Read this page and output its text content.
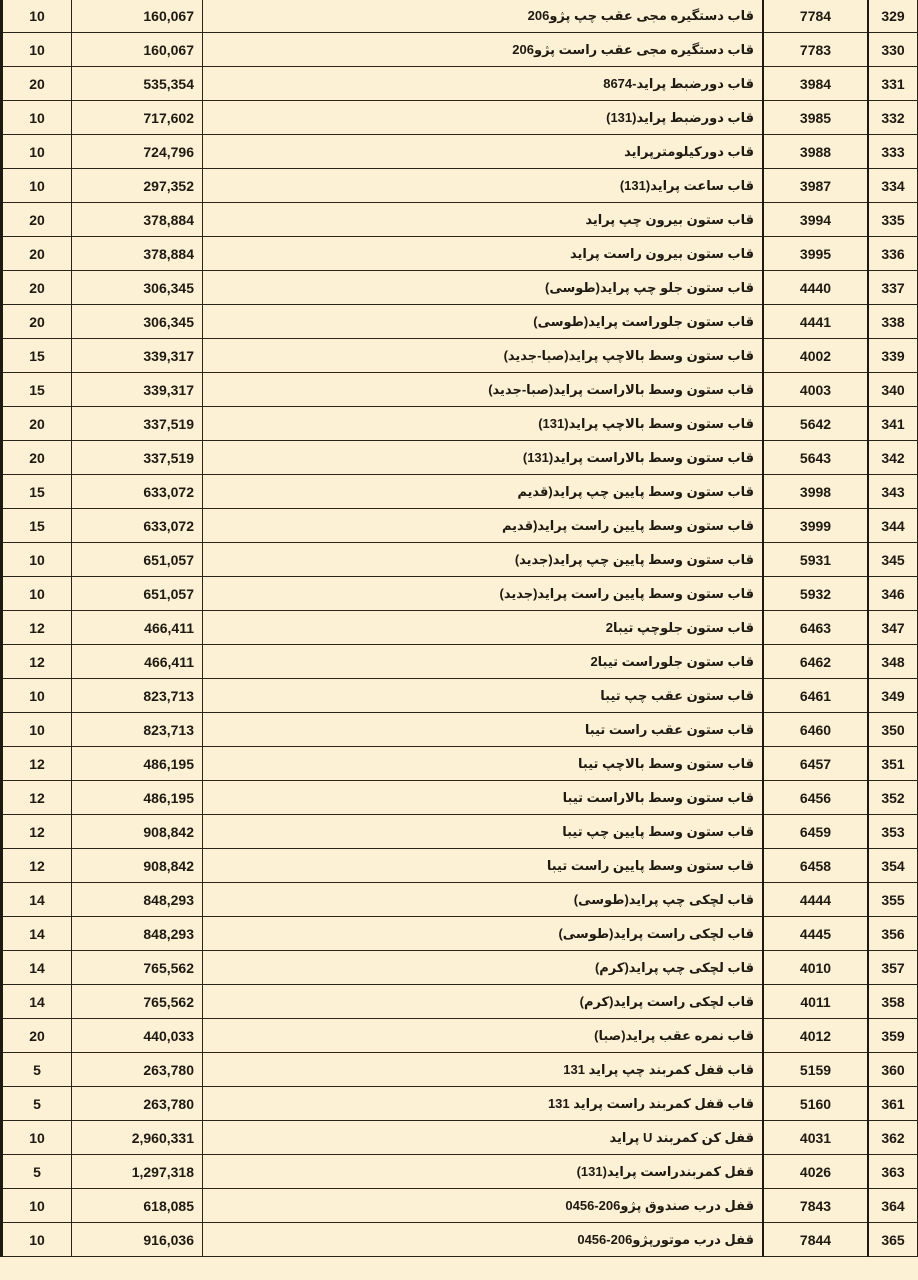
10	160,067	قاب دستگیره مجی عقب چپ پژو206	7784	329
10	160,067	قاب دستگیره مجی عقب راست پژو206	7783	330
20	535,354	قاب دورضبط پراید-8674	3984	331
10	717,602	قاب دورضبط پراید(131)	3985	332
10	724,796	قاب دورکیلومترپراید	3988	333
10	297,352	قاب ساعت پراید(131)	3987	334
20	378,884	قاب ستون بیرون چپ پراید	3994	335
20	378,884	قاب ستون بیرون راست پراید	3995	336
20	306,345	قاب ستون جلو چپ پراید(طوسی)	4440	337
20	306,345	قاب ستون جلوراست پراید(طوسی)	4441	338
15	339,317	قاب ستون وسط بالاچپ پراید(صبا-جدید)	4002	339
15	339,317	قاب ستون وسط بالاراست پراید(صبا-جدید)	4003	340
20	337,519	قاب ستون وسط بالاچپ پراید(131)	5642	341
20	337,519	قاب ستون وسط بالاراست پراید(131)	5643	342
15	633,072	قاب ستون وسط پایین چپ پراید(قدیم	3998	343
15	633,072	قاب ستون وسط پایین راست پراید(قدیم	3999	344
10	651,057	قاب ستون وسط پایین چپ پراید(جدید)	5931	345
10	651,057	قاب ستون وسط پایین راست پراید(جدید)	5932	346
12	466,411	قاب ستون جلوچپ تیبا2	6463	347
12	466,411	قاب ستون جلوراست تیبا2	6462	348
10	823,713	قاب ستون عقب چپ تیبا	6461	349
10	823,713	قاب ستون عقب راست تیبا	6460	350
12	486,195	قاب ستون وسط بالاچپ تیبا	6457	351
12	486,195	قاب ستون وسط بالاراست تیبا	6456	352
12	908,842	قاب ستون وسط پایین چپ تیبا	6459	353
12	908,842	قاب ستون وسط پایین راست تیبا	6458	354
14	848,293	قاب لچکی چپ پراید(طوسی)	4444	355
14	848,293	قاب لچکی راست پراید(طوسی)	4445	356
14	765,562	قاب لچکی چپ پراید(کرم)	4010	357
14	765,562	قاب لچکی راست پراید(کرم)	4011	358
20	440,033	قاب نمره عقب پراید(صبا)	4012	359
5	263,780	قاب قفل کمربند چپ پراید 131	5159	360
5	263,780	قاب قفل کمربند راست پراید 131	5160	361
10	2,960,331	قفل کن کمربند U پراید	4031	362
5	1,297,318	قفل کمربندراست پراید(131)	4026	363
10	618,085	قفل درب صندوق پژو206-0456	7843	364
10	916,036	قفل درب موتورپژو206-0456	7844	365
